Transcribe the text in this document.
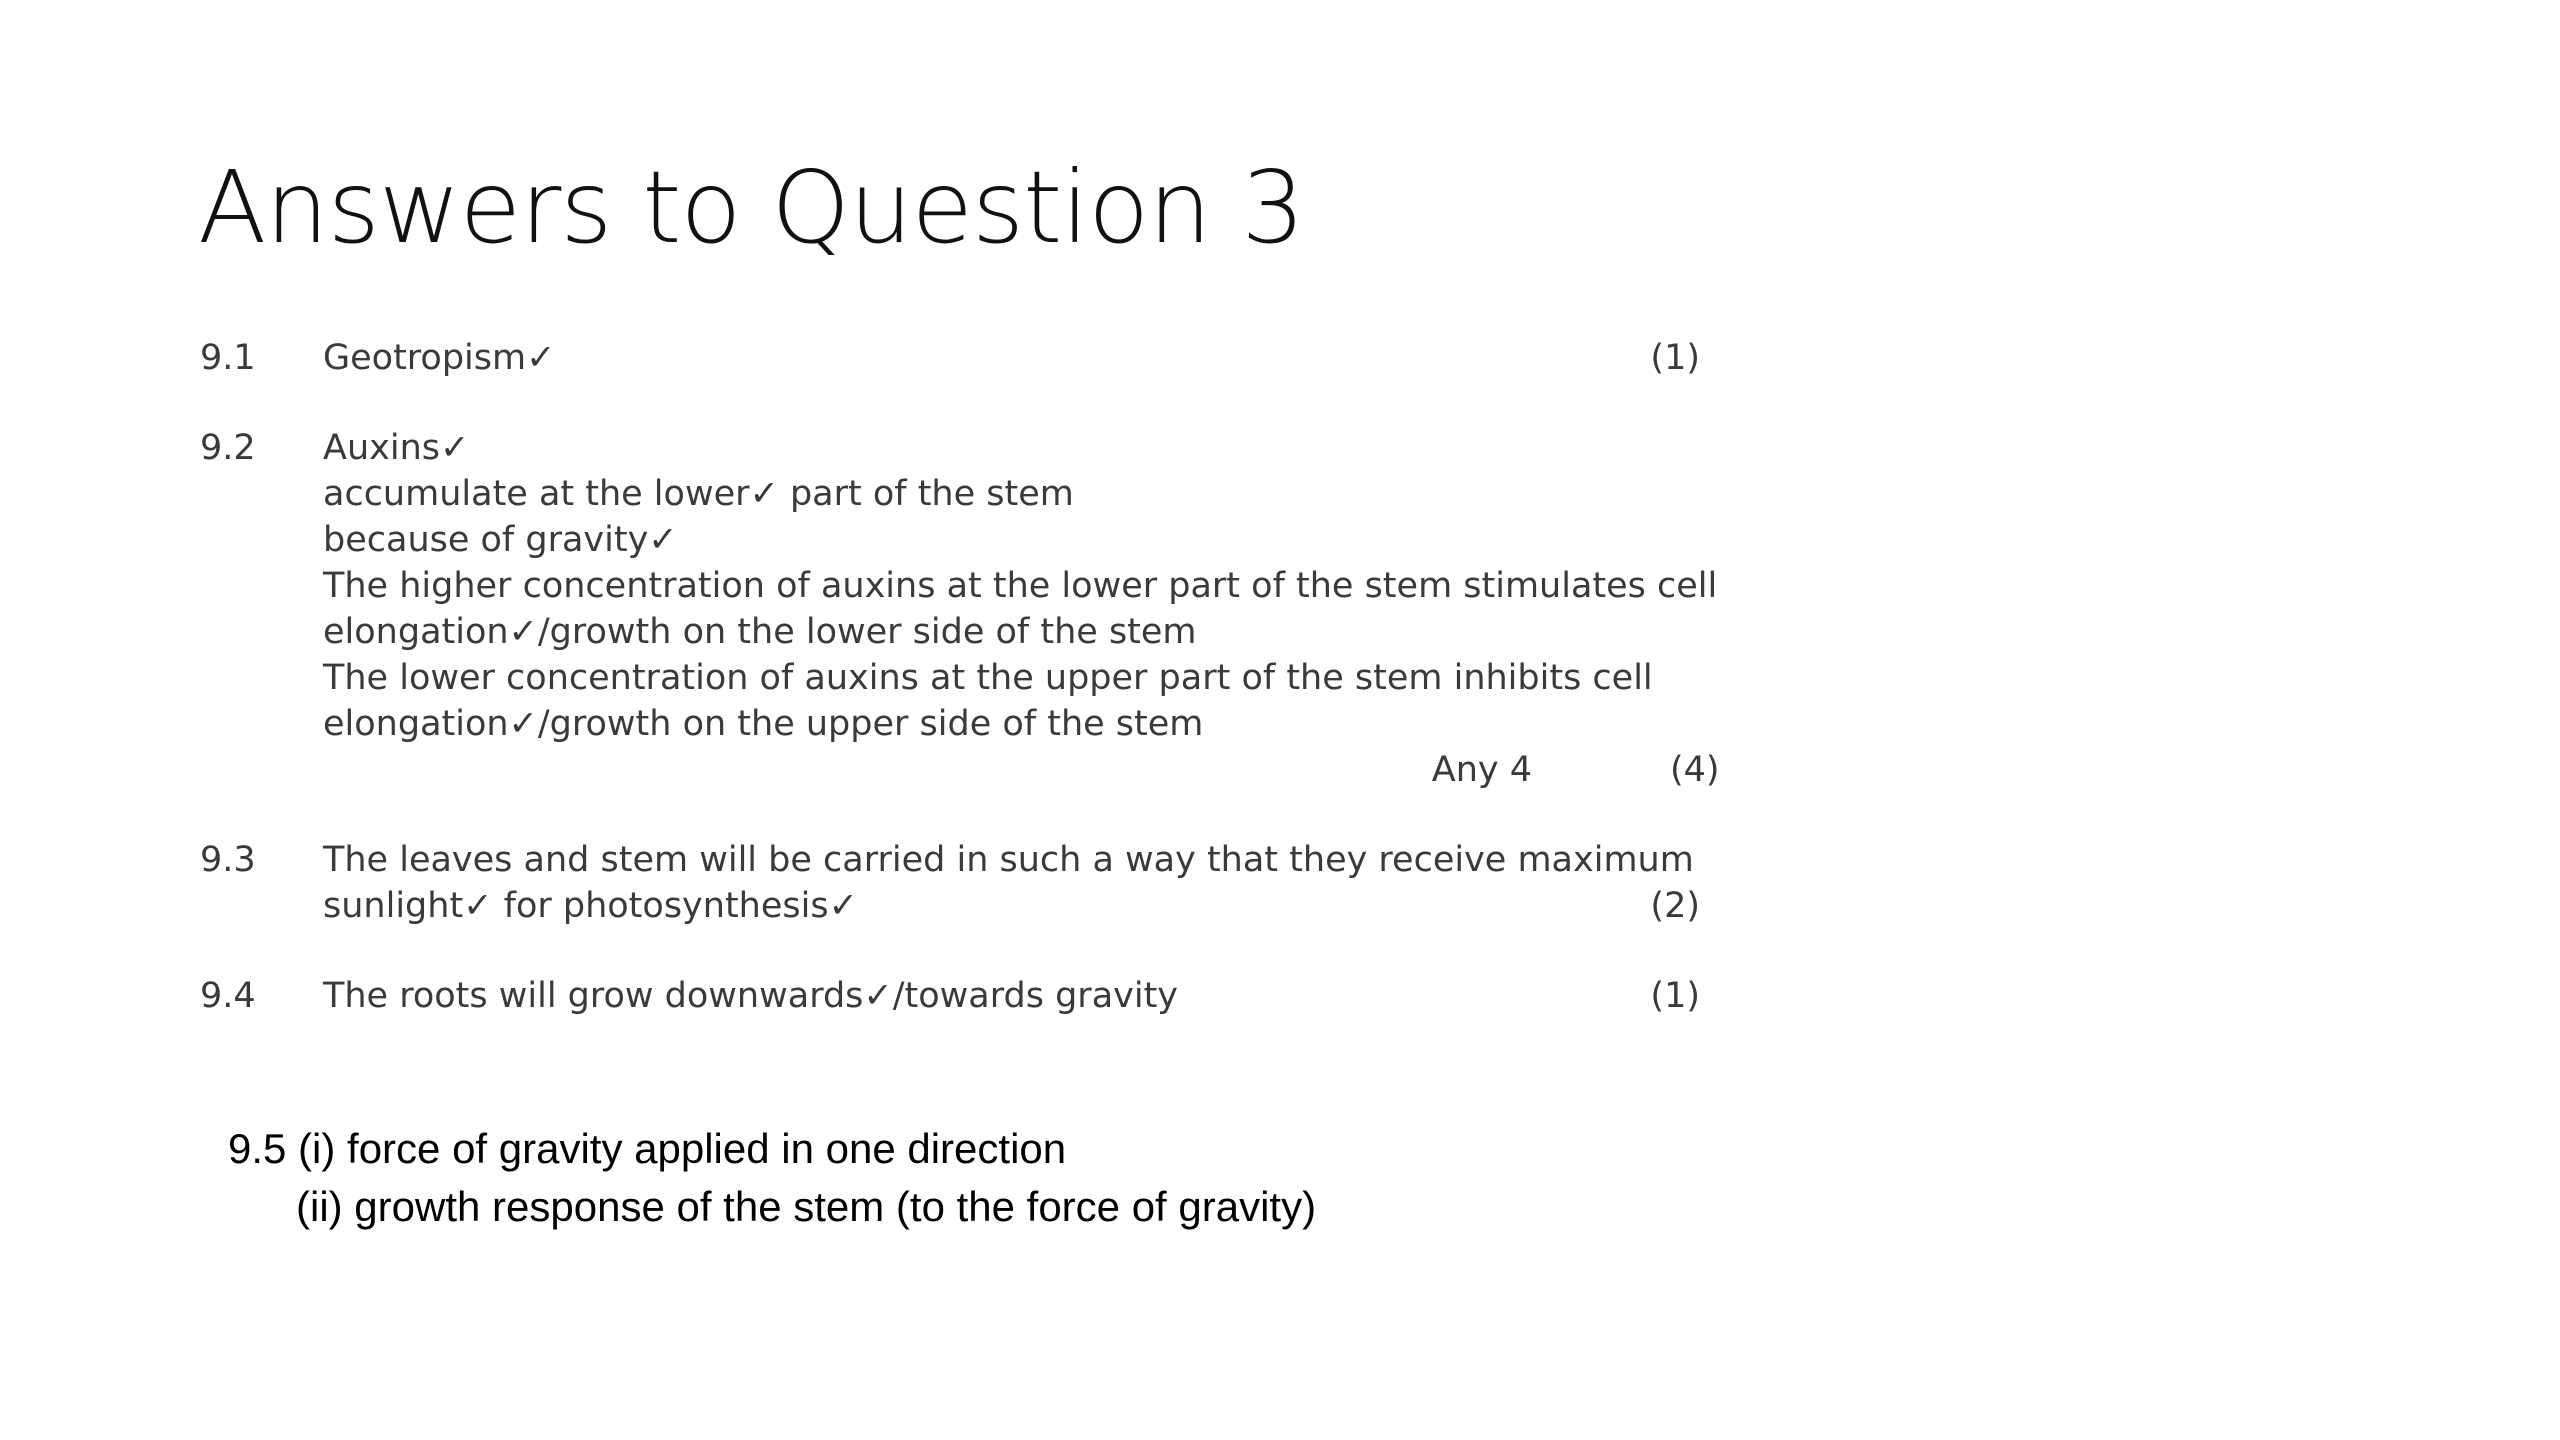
Answers to Question 3
9.1	Geotropism✓	(1)
9.2	Auxins✓
accumulate at the lower✓ part of the stem
because of gravity✓
The higher concentration of auxins at the lower part of the stem stimulates cell
elongation✓/growth on the lower side of the stem
The lower concentration of auxins at the upper part of the stem inhibits cell
elongation✓/growth on the upper side of the stem
Any 4	(4)
9.3	The leaves and stem will be carried in such a way that they receive maximum
sunlight✓ for photosynthesis✓	(2)
9.4	The roots will grow downwards✓/towards gravity	(1)
9.5 (i) force of gravity applied in one direction
(ii) growth response of the stem (to the force of gravity)
